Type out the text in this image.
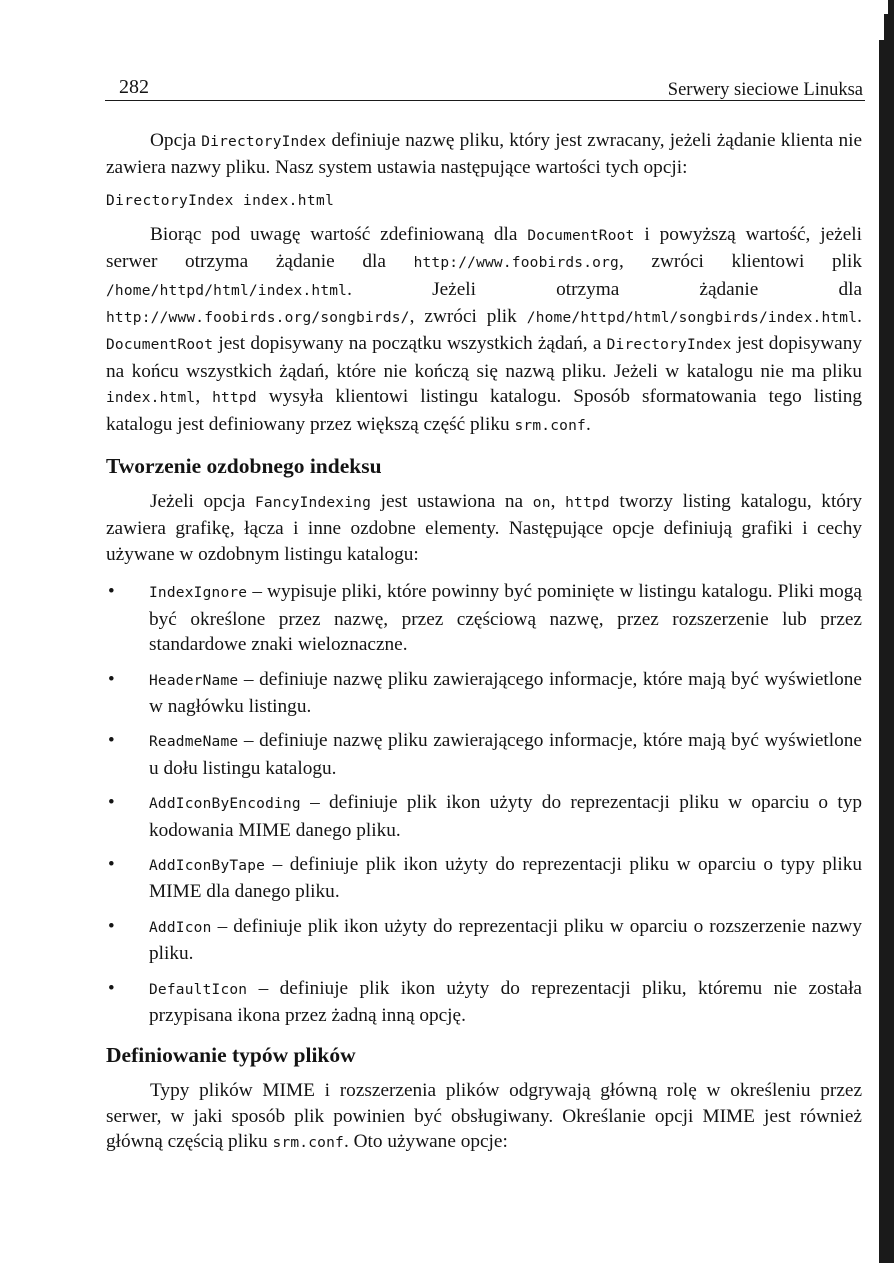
282	Serwery sieciowe Linuksa

Opcja DirectoryIndex definiuje nazwę pliku, który jest zwracany, jeżeli żądanie klienta nie zawiera nazwy pliku. Nasz system ustawia następujące wartości tych opcji:

DirectoryIndex index.html

Biorąc pod uwagę wartość zdefiniowaną dla DocumentRoot i powyższą wartość, jeżeli serwer otrzyma żądanie dla http://www.foobirds.org, zwróci klientowi plik /home/httpd/html/index.html. Jeżeli otrzyma żądanie dla http://www.foobirds.org/songbirds/, zwróci plik /home/httpd/html/songbirds/index.html. DocumentRoot jest dopisywany na początku wszystkich żądań, a DirectoryIndex jest dopisywany na końcu wszystkich żądań, które nie kończą się nazwą pliku. Jeżeli w katalogu nie ma pliku index.html, httpd wysyła klientowi listingu katalogu. Sposób sformatowania tego listing katalogu jest definiowany przez większą część pliku srm.conf.

Tworzenie ozdobnego indeksu

Jeżeli opcja FancyIndexing jest ustawiona na on, httpd tworzy listing katalogu, który zawiera grafikę, łącza i inne ozdobne elementy. Następujące opcje definiują grafiki i cechy używane w ozdobnym listingu katalogu:

• IndexIgnore – wypisuje pliki, które powinny być pominięte w listingu katalogu. Pliki mogą być określone przez nazwę, przez częściową nazwę, przez rozszerzenie lub przez standardowe znaki wieloznaczne.

• HeaderName – definiuje nazwę pliku zawierającego informacje, które mają być wyświetlone w nagłówku listingu.

• ReadmeName – definiuje nazwę pliku zawierającego informacje, które mają być wyświetlone u dołu listingu katalogu.

• AddIconByEncoding – definiuje plik ikon użyty do reprezentacji pliku w oparciu o typ kodowania MIME danego pliku.

• AddIconByTape – definiuje plik ikon użyty do reprezentacji pliku w oparciu o typy pliku MIME dla danego pliku.

• AddIcon – definiuje plik ikon użyty do reprezentacji pliku w oparciu o rozszerzenie nazwy pliku.

• DefaultIcon – definiuje plik ikon użyty do reprezentacji pliku, któremu nie została przypisana ikona przez żadną inną opcję.

Definiowanie typów plików

Typy plików MIME i rozszerzenia plików odgrywają główną rolę w określeniu przez serwer, w jaki sposób plik powinien być obsługiwany. Określanie opcji MIME jest również główną częścią pliku srm.conf. Oto używane opcje:
